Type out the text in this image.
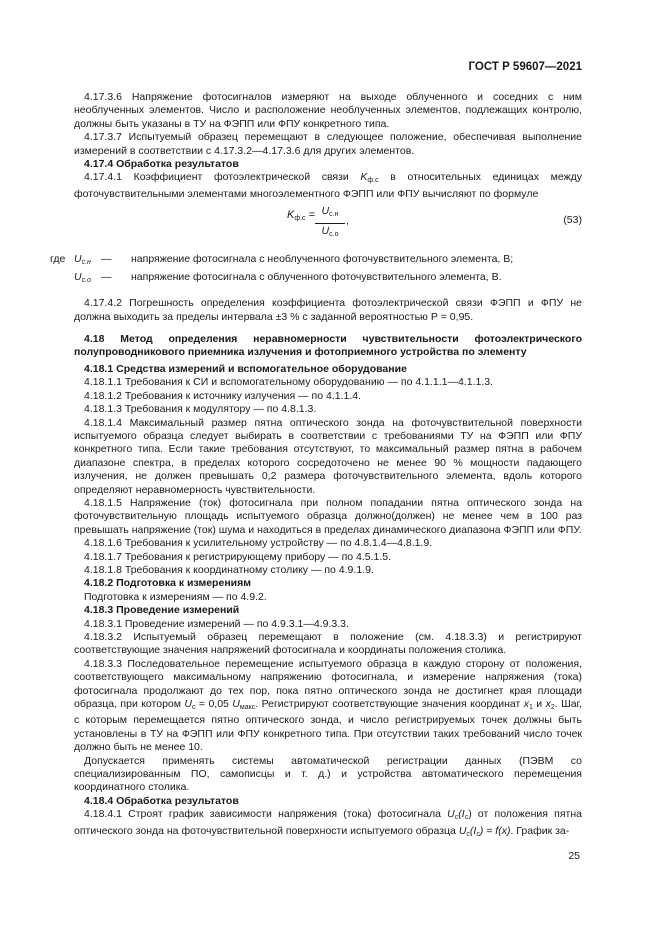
ГОСТ Р 59607—2021

4.17.3.6 Напряжение фотосигналов измеряют на выходе облученного и соседних с ним необлученных элементов. Число и расположение необлученных элементов, подлежащих контролю, должны быть указаны в ТУ на ФЭПП или ФПУ конкретного типа.

4.17.3.7 Испытуемый образец перемещают в следующее положение, обеспечивая выполнение измерений в соответствии с 4.17.3.2—4.17.3.6 для других элементов.

4.17.4 Обработка результатов

4.17.4.1 Коэффициент фотоэлектрической связи $K_{ф.с}$ в относительных единицах между фоточувствительными элементами многоэлементного ФЭПП или ФПУ вычисляют по формуле

$K_{ф.с} = U_{с.н}$
$U_{с.о}$
,	(53)
где $U_{с.н}$ — напряжение фотосигнала с необлученного фоточувствительного элемента, В;
$U_{с.о}$ — напряжение фотосигнала с облученного фоточувствительного элемента, В.

4.17.4.2 Погрешность определения коэффициента фотоэлектрической связи ФЭПП и ФПУ не должна выходить за пределы интервала ±3 % с заданной вероятностью Р = 0,95.

4.18 Метод определения неравномерности чувствительности фотоэлектрического полупроводникового приемника излучения и фотоприемного устройства по элементу

4.18.1 Средства измерений и вспомогательное оборудование

4.18.1.1 Требования к СИ и вспомогательному оборудованию — по 4.1.1.1—4.1.1.3.

4.18.1.2 Требования к источнику излучения — по 4.1.1.4.

4.18.1.3 Требования к модулятору — по 4.8.1.3.

4.18.1.4 Максимальный размер пятна оптического зонда на фоточувствительной поверхности испытуемого образца следует выбирать в соответствии с требованиями ТУ на ФЭПП или ФПУ конкретного типа. Если такие требования отсутствуют, то максимальный размер пятна в рабочем диапазоне спектра, в пределах которого сосредоточено не менее 90 % мощности падающего излучения, не должен превышать 0,2 размера фоточувствительного элемента, вдоль которого определяют неравномерность чувствительности.

4.18.1.5 Напряжение (ток) фотосигнала при полном попадании пятна оптического зонда на фоточувствительную площадь испытуемого образца должно(должен) не менее чем в 100 раз превышать напряжение (ток) шума и находиться в пределах динамического диапазона ФЭПП или ФПУ.

4.18.1.6 Требования к усилительному устройству — по 4.8.1.4—4.8.1.9.

4.18.1.7 Требования к регистрирующему прибору — по 4.5.1.5.

4.18.1.8 Требования к координатному столику — по 4.9.1.9.

4.18.2 Подготовка к измерениям

Подготовка к измерениям — по 4.9.2.

4.18.3 Проведение измерений

4.18.3.1 Проведение измерений — по 4.9.3.1—4.9.3.3.

4.18.3.2 Испытуемый образец перемещают в положение (см. 4.18.3.3) и регистрируют соответствующие значения напряжений фотосигнала и координаты положения столика.

4.18.3.3 Последовательное перемещение испытуемого образца в каждую сторону от положения, соответствующего максимальному напряжению фотосигнала, и измерение напряжения (тока) фотосигнала продолжают до тех пор, пока пятно оптического зонда не достигнет края площади образца, при котором $U_с = 0,05$ $U_{макс}$. Регистрируют соответствующие значения координат $x_1$ и $x_2$. Шаг, с которым перемещается пятно оптического зонда, и число регистрируемых точек должны быть установлены в ТУ на ФЭПП или ФПУ конкретного типа. При отсутствии таких требований число точек должно быть не менее 10.

Допускается применять системы автоматической регистрации данных (ПЭВМ со специализированным ПО, самописцы и т. д.) и устройства автоматического перемещения координатного столика.

4.18.4 Обработка результатов

4.18.4.1 Строят график зависимости напряжения (тока) фотосигнала $U_с(I_с)$ от положения пятна оптического зонда на фоточувствительной поверхности испытуемого образца $U_с(I_с) = f(x)$. График за-

25
